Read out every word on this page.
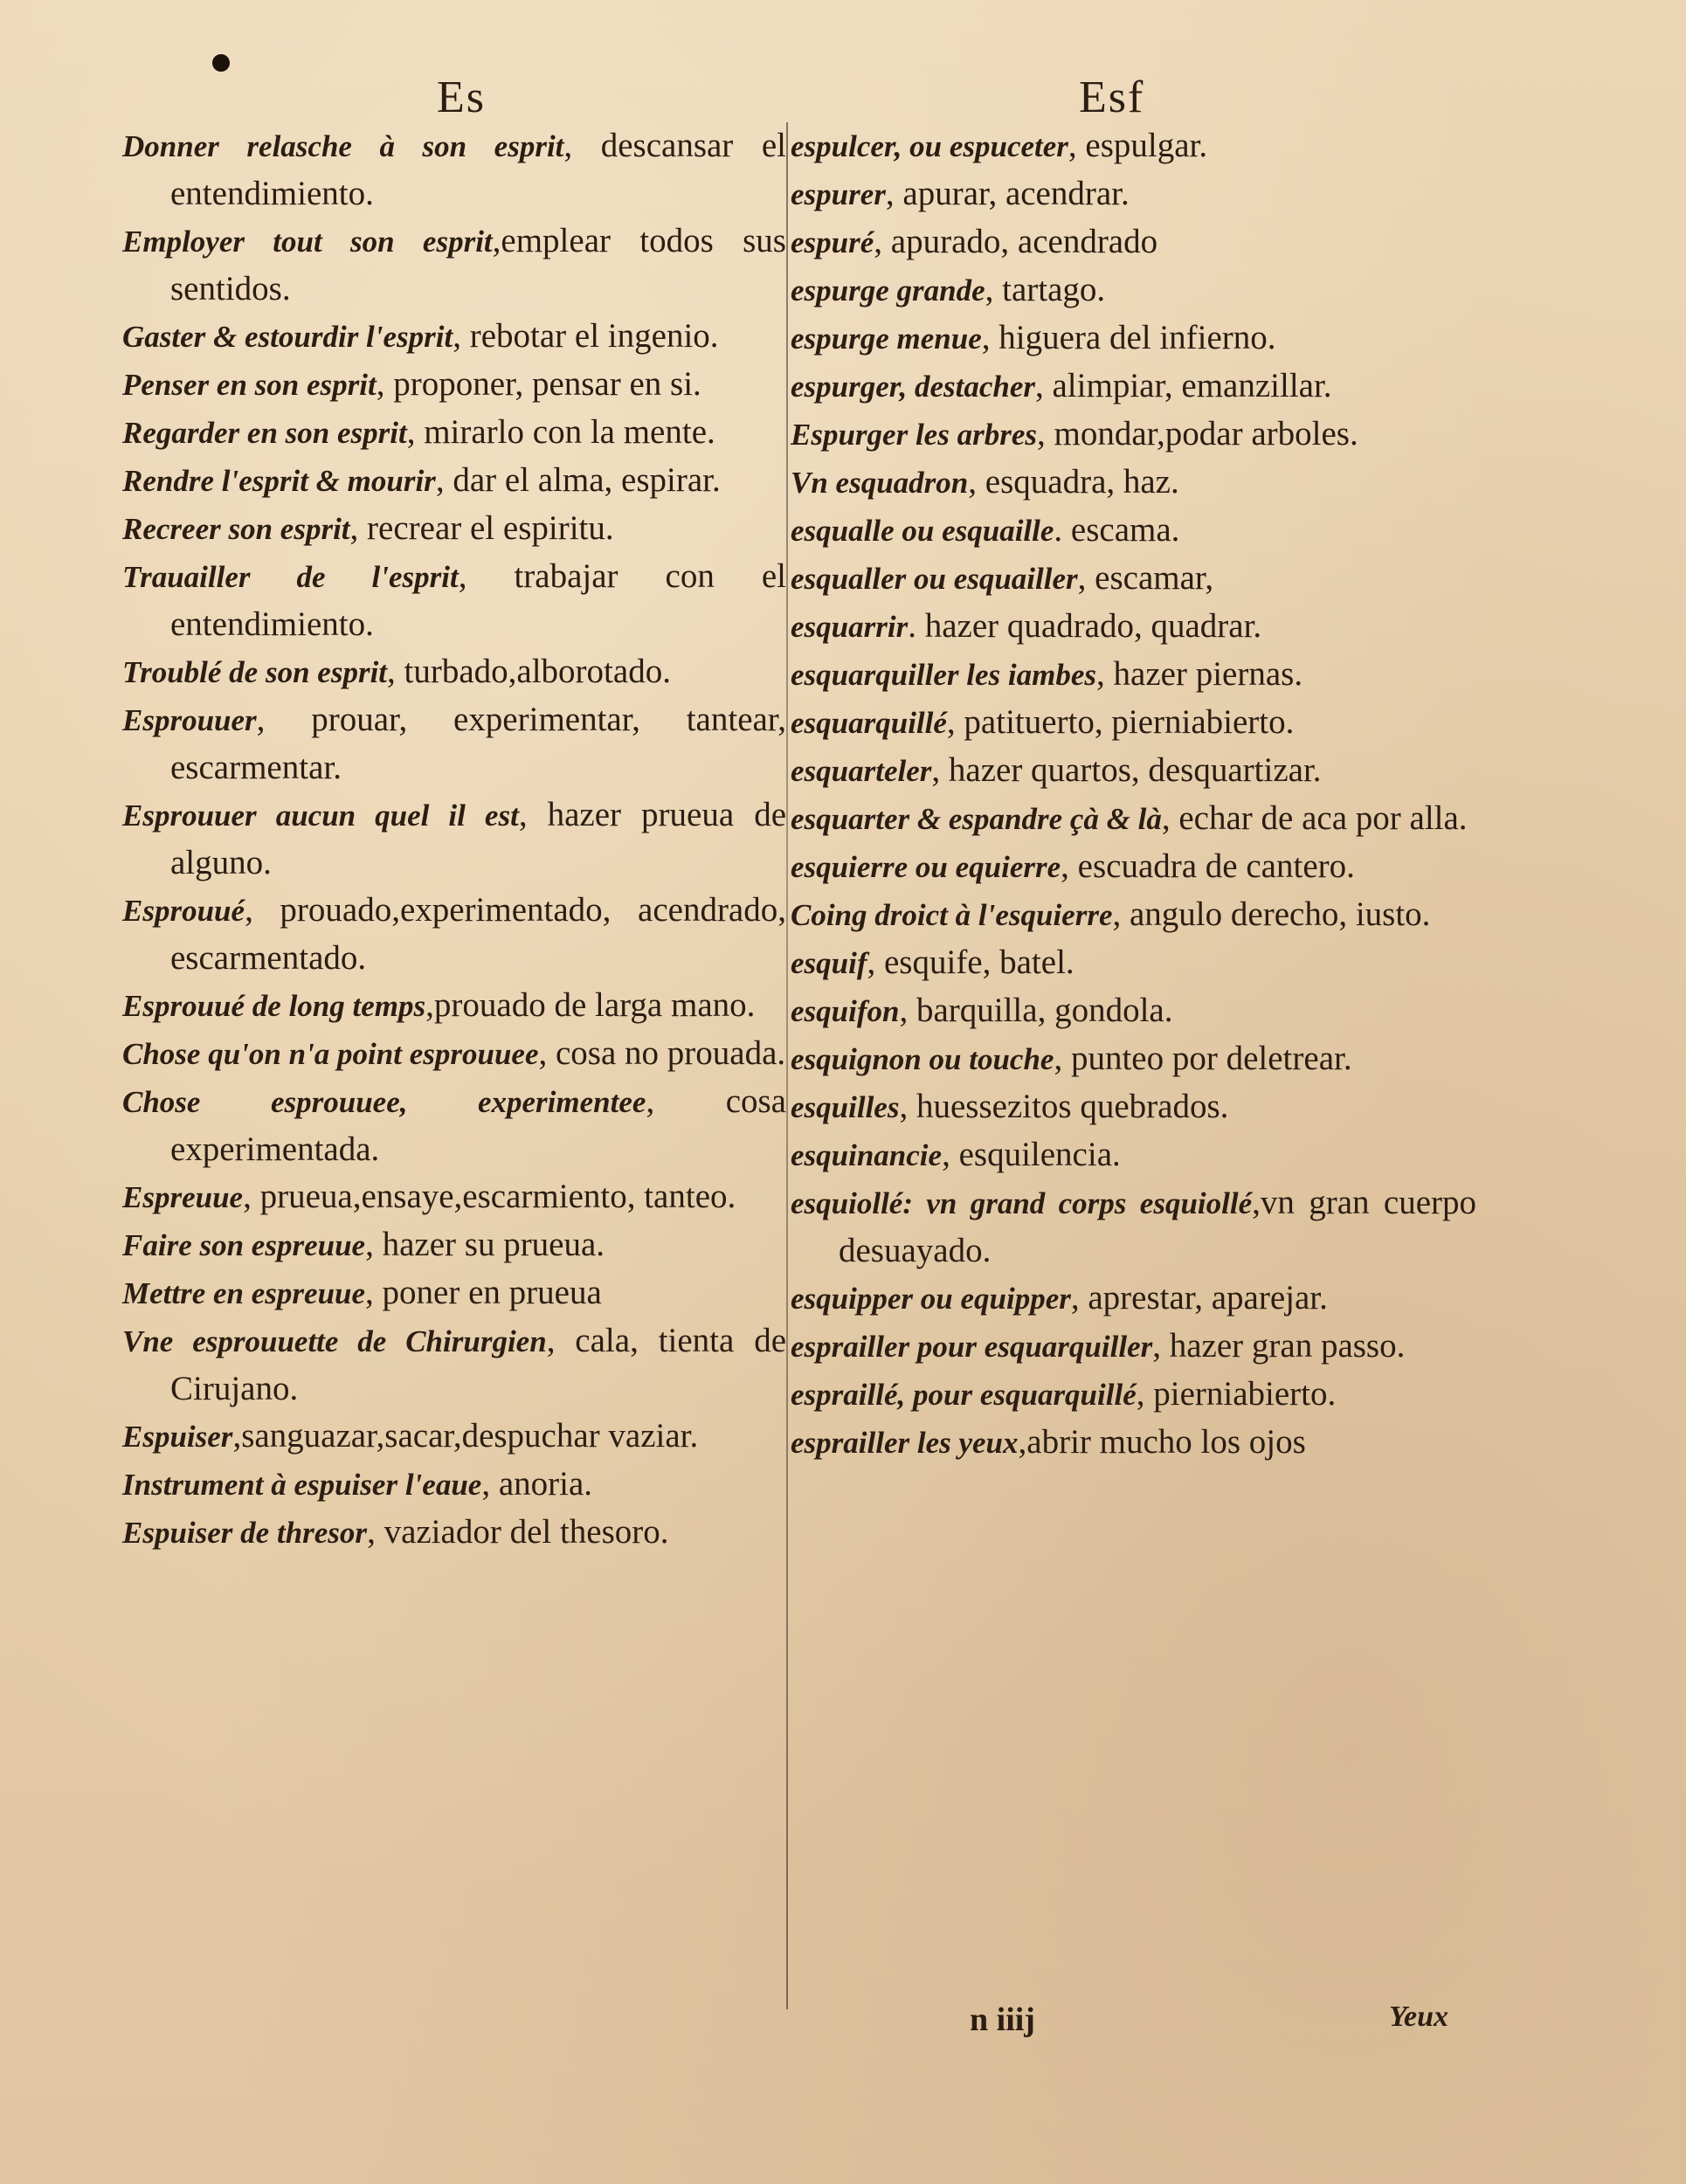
Es	Esf

Donner relasche à son esprit, descansar el entendimiento.

Employer tout son esprit,emplear todos sus sentidos.

Gaster & estourdir l'esprit, rebotar el ingenio.

Penser en son esprit, proponer, pensar en si.

Regarder en son esprit, mirarlo con la mente.

Rendre l'esprit & mourir, dar el alma, espirar.

Recreer son esprit, recrear el espiritu.

Trauailler de l'esprit, trabajar con el entendimiento.

Troublé de son esprit, turbado,alborotado.

Esprouuer, prouar, experimentar, tantear, escarmentar.

Esprouuer aucun quel il est, hazer prueua de alguno.

Esprouué, prouado,experimentado, acendrado, escarmentado.

Esprouué de long temps,prouado de larga mano.

Chose qu'on n'a point esprouuee, cosa no prouada.

Chose esprouuee, experimentee, cosa experimentada.

Espreuue, prueua,ensaye,escarmiento, tanteo.

Faire son espreuue, hazer su prueua.

Mettre en espreuue, poner en prueua

Vne esprouuette de Chirurgien, cala, tienta de Cirujano.

Espuiser,sanguazar,sacar,despuchar vaziar.

Instrument à espuiser l'eaue, anoria.

Espuiser de thresor, vaziador del thesoro.

espulcer, ou espuceter, espulgar.

espurer, apurar, acendrar.

espuré, apurado, acendrado

espurge grande, tartago.

espurge menue, higuera del infierno.

espurger, destacher, alimpiar, emanzillar.

Espurger les arbres, mondar,podar arboles.

Vn esquadron, esquadra, haz.

esqualle ou esquaille. escama.

esqualler ou esquailler, escamar,

esquarrir. hazer quadrado, quadrar.

esquarquiller les iambes, hazer piernas.

esquarquillé, patituerto, pierniabierto.

esquarteler, hazer quartos, desquartizar.

esquarter & espandre çà & là, echar de aca por alla.

esquierre ou equierre, escuadra de cantero.

Coing droict à l'esquierre, angulo derecho, iusto.

esquif, esquife, batel.

esquifon, barquilla, gondola.

esquignon ou touche, punteo por deletrear.

esquilles, huessezitos quebrados.

esquinancie, esquilencia.

esquiollé: vn grand corps esquiollé,vn gran cuerpo desuayado.

esquipper ou equipper, aprestar, aparejar.

esprailler pour esquarquiller, hazer gran passo.

espraillé, pour esquarquillé, pierniabierto.

esprailler les yeux,abrir mucho los ojos

n iiij	Yeux
